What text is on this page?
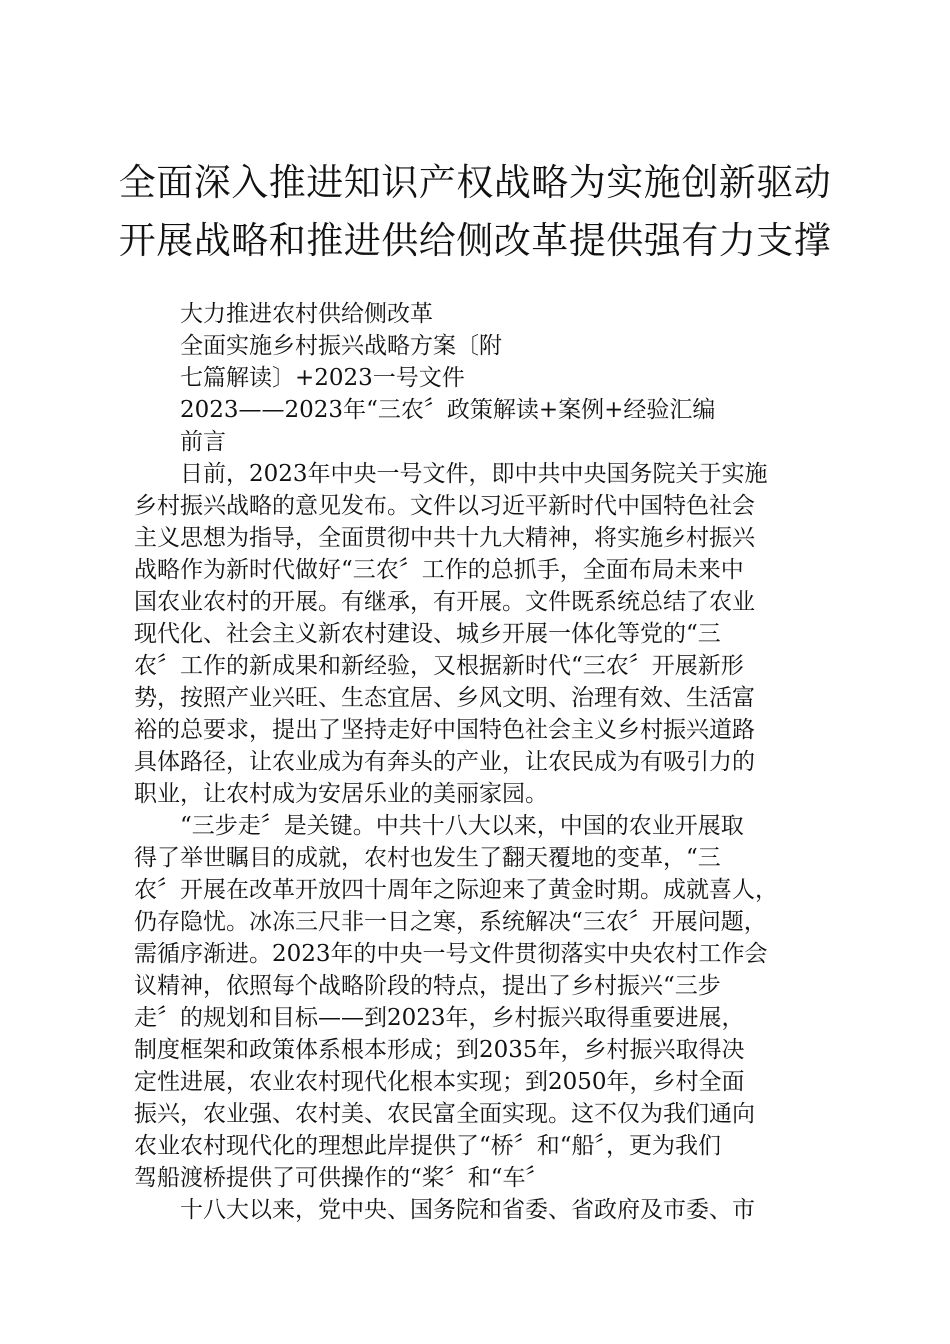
全面深入推进知识产权战略为实施创新驱动
开展战略和推进供给侧改革提供强有力支撑
大力推进农村供给侧改革
全面实施乡村振兴战略方案〔附
七篇解读〕+2023一号文件
2023——2023年“三农〞政策解读+案例+经验汇编
前言
日前，2023年中央一号文件，即中共中央国务院关于实施
乡村振兴战略的意见发布。文件以习近平新时代中国特色社会
主义思想为指导，全面贯彻中共十九大精神，将实施乡村振兴
战略作为新时代做好“三农〞工作的总抓手，全面布局未来中
国农业农村的开展。有继承，有开展。文件既系统总结了农业
现代化、社会主义新农村建设、城乡开展一体化等党的“三
农〞工作的新成果和新经验，又根据新时代“三农〞开展新形
势，按照产业兴旺、生态宜居、乡风文明、治理有效、生活富
裕的总要求，提出了坚持走好中国特色社会主义乡村振兴道路
具体路径，让农业成为有奔头的产业，让农民成为有吸引力的
职业，让农村成为安居乐业的美丽家园。
“三步走〞是关键。中共十八大以来，中国的农业开展取
得了举世瞩目的成就，农村也发生了翻天覆地的变革，“三
农〞开展在改革开放四十周年之际迎来了黄金时期。成就喜人，
仍存隐忧。冰冻三尺非一日之寒，系统解决“三农〞开展问题，
需循序渐进。2023年的中央一号文件贯彻落实中央农村工作会
议精神，依照每个战略阶段的特点，提出了乡村振兴“三步
走〞的规划和目标——到2023年，乡村振兴取得重要进展，
制度框架和政策体系根本形成；到2035年，乡村振兴取得决
定性进展，农业农村现代化根本实现；到2050年，乡村全面
振兴，农业强、农村美、农民富全面实现。这不仅为我们通向
农业农村现代化的理想此岸提供了“桥〞和“船〞，更为我们
驾船渡桥提供了可供操作的“桨〞和“车〞
十八大以来，党中央、国务院和省委、省政府及市委、市
